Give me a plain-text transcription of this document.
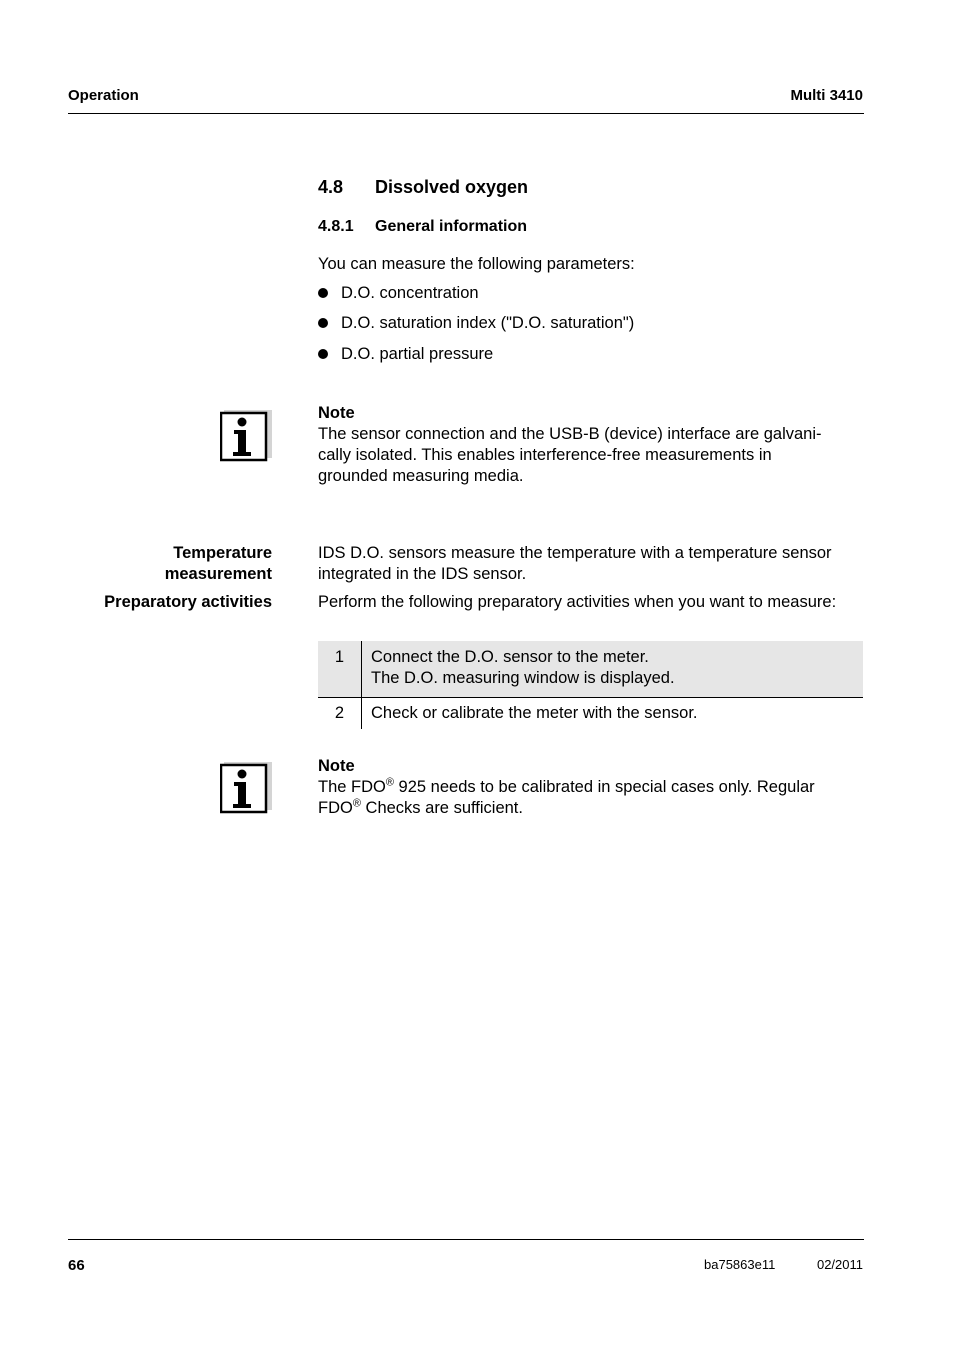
Operation	Multi 3410
4.8 Dissolved oxygen
4.8.1 General information
You can measure the following parameters:
D.O. concentration
D.O. saturation index ("D.O. saturation")
D.O. partial pressure
Note
The sensor connection and the USB-B (device) interface are galvani-
cally isolated. This enables interference-free measurements in
grounded measuring media.
Temperature
measurement
IDS D.O. sensors measure the temperature with a temperature sensor
integrated in the IDS sensor.
Preparatory activities	Perform the following preparatory activities when you want to measure:
1	Connect the D.O. sensor to the meter.
The D.O. measuring window is displayed.

2	Check or calibrate the meter with the sensor.
Note
The FDO® 925 needs to be calibrated in special cases only. Regular
FDO® Checks are sufficient.
66	ba75863e11	02/2011
